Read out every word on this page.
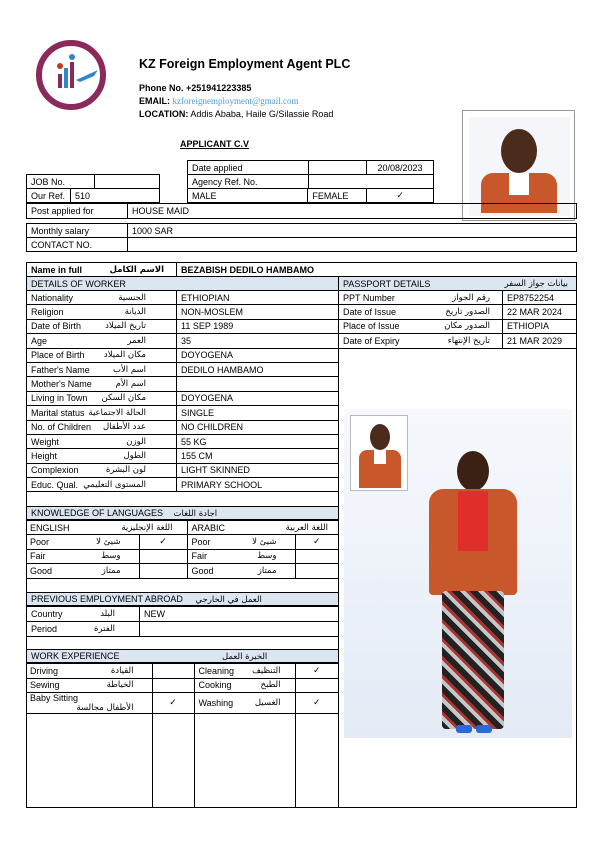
KZ Foreign Employment Agent PLC
Phone No. +251941223385
EMAIL: kzforeignemployment@gmail.com
LOCATION: Addis Ababa, Haile G/Silassie Road
APPLICANT C.V
Date applied		20/08/2023
Agency Ref. No.		
JOB No.		
Our Ref.	510		MALE	FEMALE	✓
Post applied for	HOUSE MAID

Monthly salary	1000 SAR
CONTACT NO.	
Name in full	الاسم الكامل	BEZABISH DEDILO HAMBAMO
DETAILS OF WORKER	
Nationality الجنسية	ETHIOPIAN
Religion الديانة	NON-MOSLEM
Date of Birth تاريخ الميلاد	11 SEP 1989
Age العمر	35
Place of Birth مكان الميلاد	DOYOGENA
Father's Name اسم الأب	DEDILO HAMBAMO
Mother's Name اسم الأم	

Living in Town مكان السكن	DOYOGENA
Marital status الحالة الاجتماعية	SINGLE
No. of Children عدد الأطفال	NO CHILDREN
Weight الوزن	55 KG
Height الطول	155 CM
Complexion لون البشرة	LIGHT SKINNED
Educ. Qual. المستوى التعليمي	PRIMARY SCHOOL
PASSPORT DETAILS بيانات جواز السفر	

PPT Number رقم الجواز	EP8752254
Date of Issue الصدور تاريخ	22 MAR 2024
Place of Issue الصدور مكان	ETHIOPIA
Date of Expiry تاريخ الإنتهاء	21 MAR 2029
KNOWLEDGE OF LANGUAGES اجادة اللغات
ENGLISH اللغة الإنجليزية		ARABIC اللغة العربية	

Poor شيئ لا	✓	Poor شيئ لا	✓
Fair وسط		Fair وسط	

Good ممتاز		Good ممتاز	

PREVIOUS EMPLOYMENT ABROAD العمل في الخارجي
Country البلد	NEW
Period الفترة	

WORK EXPERIENCE	الخبرة العمل
Driving القيادة		Cleaning التنظيف	✓
Sewing الخياطة		Cooking الطبخ	

Baby Sitting
الأطفال مجالسة	✓	Washing الغسيل	✓
